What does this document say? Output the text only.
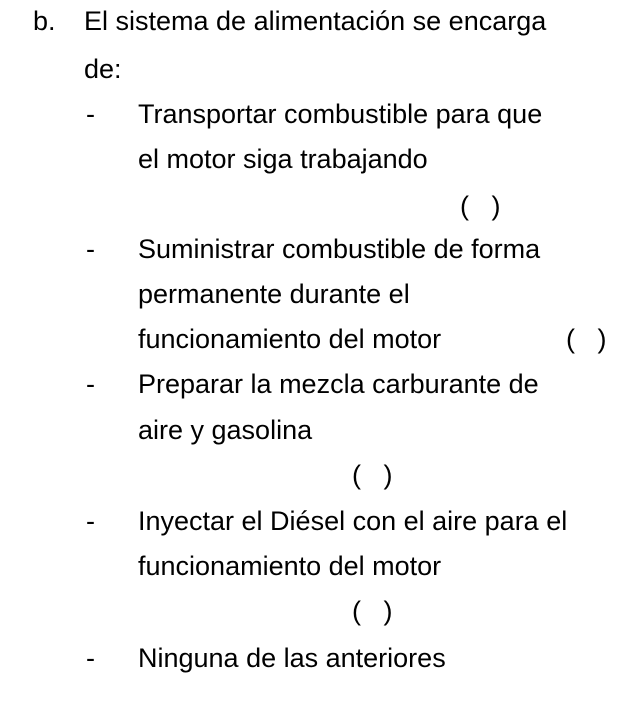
b. El sistema de alimentación se encarga
de:
- Transportar combustible para que
el motor siga trabajando
(   )
- Suministrar combustible de forma
permanente durante el
funcionamiento del motor	(   )
- Preparar la mezcla carburante de
aire y gasolina
(   )
- Inyectar el Diésel con el aire para el
funcionamiento del motor
(   )
- Ninguna de las anteriores
